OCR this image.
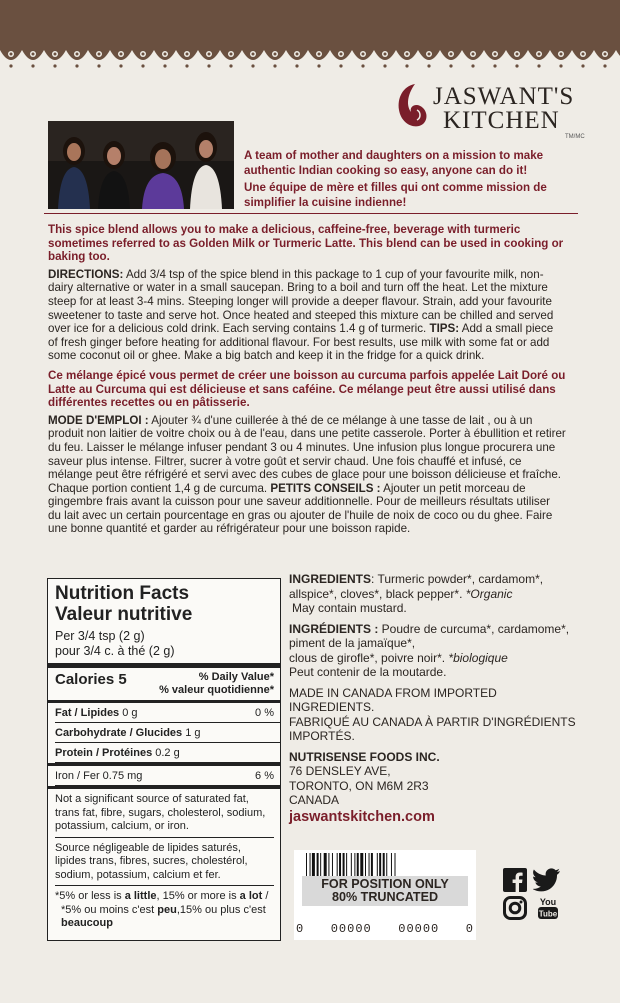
JASWANT'S
KITCHEN
TM/MC

A team of mother and daughters on a mission to make authentic Indian cooking so easy, anyone can do it!

Une équipe de mère et filles qui ont comme mission de simplifier la cuisine indienne!

This spice blend allows you to make a delicious, caffeine-free, beverage with turmeric sometimes referred to as Golden Milk or Turmeric Latte. This blend can be used in cooking or baking too.

DIRECTIONS: Add 3/4 tsp of the spice blend in this package to 1 cup of your favourite milk, non-dairy alternative or water in a small saucepan. Bring to a boil and turn off the heat. Let the mixture steep for at least 3-4 mins. Steeping longer will provide a deeper flavour. Strain, add your favourite sweetener to taste and serve hot. Once heated and steeped this mixture can be chilled and served over ice for a delicious cold drink. Each serving contains 1.4 g of turmeric. TIPS: Add a small piece of fresh ginger before heating for additional flavour. For best results, use milk with some fat or add some coconut oil or ghee. Make a big batch and keep it in the fridge for a quick drink.

Ce mélange épicé vous permet de créer une boisson au curcuma parfois appelée Lait Doré ou Latte au Curcuma qui est délicieuse et sans caféine. Ce mélange peut être aussi utilisé dans différentes recettes ou en pâtisserie.

MODE D'EMPLOI : Ajouter ¾ d'une cuillerée à thé de ce mélange à une tasse de lait , ou à un produit non laitier de voitre choix ou à de l'eau, dans une petite casserole. Porter à ébullition et retirer du feu. Laisser le mélange infuser pendant 3 ou 4 minutes. Une infusion plus longue procurera une saveur plus intense. Filtrer, sucrer à votre goût et servir chaud. Une fois chauffé et infusé, ce mélange peut être réfrigéré et servi avec des cubes de glace pour une boisson délicieuse et fraîche. Chaque portion contient 1,4 g de curcuma. PETITS CONSEILS : Ajouter un petit morceau de gingembre frais avant la cuisson pour une saveur additionnelle. Pour de meilleurs résultats utiliser du lait avec un certain pourcentage en gras ou ajouter de l'huile de noix de coco ou du ghee. Faire une bonne quantité et garder au réfrigérateur pour une boisson rapide.

Nutrition Facts
Valeur nutritive
Per 3/4 tsp (2 g)
pour 3/4 c. à thé (2 g)
Calories 5	% Daily Value*
% valeur quotidienne*
Fat / Lipides 0 g	0 %
Carbohydrate / Glucides 1 g
Protein / Protéines 0.2 g
Iron / Fer 0.75 mg	6 %
Not a significant source of saturated fat, trans fat, fibre, sugars, cholesterol, sodium, potassium, calcium, or iron.
Source négligeable de lipides saturés, lipides trans, fibres, sucres, cholestérol, sodium, potassium, calcium et fer.
*5% or less is a little, 15% or more is a lot / *5% ou moins c'est peu,15% ou plus c'est beaucoup
INGREDIENTS: Turmeric powder*, cardamom*, allspice*, cloves*, black pepper*. *Organic
May contain mustard.
INGRÉDIENTS : Poudre de curcuma*, cardamome*, piment de la jamaïque*,
clous de girofle*, poivre noir*. *biologique
Peut contenir de la moutarde.
MADE IN CANADA FROM IMPORTED INGREDIENTS.
FABRIQUÉ AU CANADA À PARTIR D'INGRÉDIENTS IMPORTÉS.
NUTRISENSE FOODS INC.
76 DENSLEY AVE,
TORONTO, ON M6M 2R3
CANADA
jaswantskitchen.com
FOR POSITION ONLY
80% TRUNCATED
0 00000 00000 0
You
Tube
